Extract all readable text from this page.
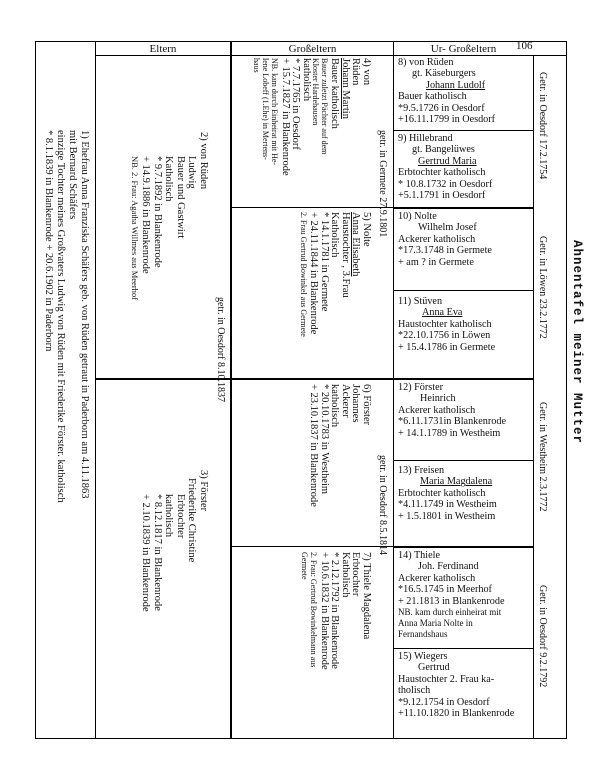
Eltern	Großeltern	Ur- Großeltern	106
Ahnentafel meiner Mutter
1) Ehefrau Anna Franziska Schäfers geb. von Rüden getraut in Paderborn am 4.11.1863
mit Bernard Schäfers
einzige Tochter meines Großvaters Ludwig von Rüden mit Friederike Förster. katholisch
* 8.1.1839 in Blankenrode + 20.6.1902 in Paderborn	2) von Rüden
Ludwig
Bauer und Gastwirt
Katholisch
* 9.7.1892 in Blankenrode
+ 14.9.1886 in Blankenrode
NB. 2. Frau: Agatha Willmes aus Meerhof
getr. in Oesdorf 8.10.1837
3) Förster
Friederike Christine
Erbtochter
katholisch
* 8.12.1817 in Blankenrode
+ 2.10.1839 in Blankenrode
4) von
Rüden
Johann Martin
Bauer katholisch
Bauer zuletzt Pächter auf dem
Kloster Hardehausen
katholisch
* 7.7.1765 in Oesdorf
+ 15.7.1827 in Blankenrode
NB. kam durch Einheirat mit He-
lene Lobeff (1.Ehe) in Mertens-
haus
getr. in Germete 27.9.1801
5) Nolte
Anna Elisabeth
Haustochter , 3.Frau
Katholisch
* 14.1.1781 in Germete
+ 24.11.1844 in Blankenrode
2. Frau Gertrud Bowinkel aus Germete
6) Förster
Johannes
Ackerer
katholisch
* 20.10.1783 in Westheim
+ 23.10.1837 in Blankenrode	getr. in Oesdorf 8.5.1814
7) Thiele Magdalena
Erbtochter
Katholisch
* 2.12.1792 in Blankenrode
+ 10.6.1832 in Blankenrode
2. Frau: Gertrud Bowinkelmann aus
Germete
8) von Rüden
gt. Käseburgers
Johann Ludolf
Bauer katholisch
*9.5.1726 in Oesdorf
+16.11.1799 in Oesdorf
9) Hillebrand
gt. Bangelüwes
Gertrud Maria
Erbtochter katholisch
* 10.8.1732 in Oesdorf
+5.1.1791 in Oesdorf
Getr. in Oesdorf 17.2.1754
10) Nolte
Wilhelm Josef
Ackerer katholisch
*17.3.1748 in Germete
+ am ? in Germete
11) Stüven
Anna Eva
Haustochter katholisch
*22.10.1756 in Löwen
+ 15.4.1786 in Germete
Getr. in Löwen 23.2.1772
12) Förster
Heinrich
Ackerer katholisch
*6.11.1731in Blankenrode
+ 14.1.1789 in Westheim
13) Freisen
Maria Magdalena
Erbtochter katholisch
*4.11.1749 in Westheim
+ 1.5.1801 in Westheim
Getr. in Westheim 2.3.1772
14) Thiele
Joh. Ferdinand
Ackerer katholisch
*16.5.1745 in Meerhof
+ 21.1813 in Blankenrode
NB. kam durch einheirat mit
Anna Maria Nolte in
Fernandshaus
15) Wiegers
Gertrud
Haustochter 2. Frau ka-
tholisch
*9.12.1754 in Oesdorf
+11.10.1820 in Blankenrode
Getr. in Oesdorf 9.2.1792
